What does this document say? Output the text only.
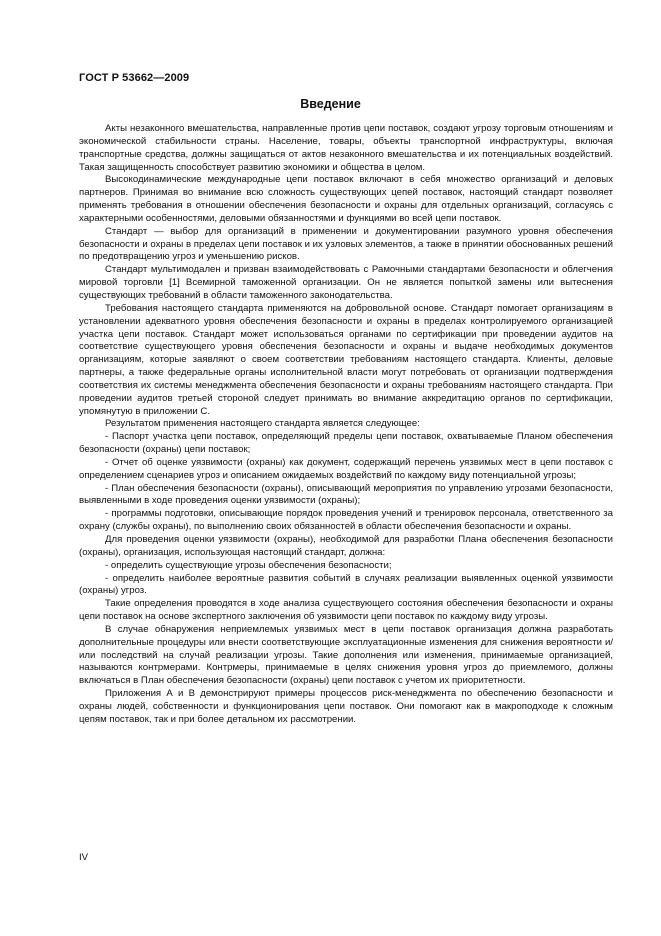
ГОСТ Р 53662—2009
Введение

Акты незаконного вмешательства, направленные против цепи поставок, создают угрозу торговым отношениям и экономической стабильности страны. Население, товары, объекты транспортной инфраструктуры, включая транспортные средства, должны защищаться от актов незаконного вмешательства и их потенциальных воздействий. Такая защищенность способствует развитию экономики и общества в целом.

Высокодинамические международные цепи поставок включают в себя множество организаций и деловых партнеров. Принимая во внимание всю сложность существующих цепей поставок, настоящий стандарт позволяет применять требования в отношении обеспечения безопасности и охраны для отдельных организаций, согласуясь с характерными особенностями, деловыми обязанностями и функциями во всей цепи поставок.

Стандарт — выбор для организаций в применении и документировании разумного уровня обеспечения безопасности и охраны в пределах цепи поставок и их узловых элементов, а также в принятии обоснованных решений по предотвращению угроз и уменьшению рисков.

Стандарт мультимодален и призван взаимодействовать с Рамочными стандартами безопасности и облегчения мировой торговли [1] Всемирной таможенной организации. Он не является попыткой замены или вытеснения существующих требований в области таможенного законодательства.

Требования настоящего стандарта применяются на добровольной основе. Стандарт помогает организациям в установлении адекватного уровня обеспечения безопасности и охраны в пределах контролируемого организацией участка цепи поставок. Стандарт может использоваться органами по сертификации при проведении аудитов на соответствие существующего уровня обеспечения безопасности и охраны и выдаче необходимых документов организациям, которые заявляют о своем соответствии требованиям настоящего стандарта. Клиенты, деловые партнеры, а также федеральные органы исполнительной власти могут потребовать от организации подтверждения соответствия их системы менеджмента обеспечения безопасности и охраны требованиям настоящего стандарта. При проведении аудитов третьей стороной следует принимать во внимание аккредитацию органов по сертификации, упомянутую в приложении С.

Результатом применения настоящего стандарта является следующее:

- Паспорт участка цепи поставок, определяющий пределы цепи поставок, охватываемые Планом обеспечения безопасности (охраны) цепи поставок;

- Отчет об оценке уязвимости (охраны) как документ, содержащий перечень уязвимых мест в цепи поставок с определением сценариев угроз и описанием ожидаемых воздействий по каждому виду потенциальной угрозы;

- План обеспечения безопасности (охраны), описывающий мероприятия по управлению угрозами безопасности, выявленными в ходе проведения оценки уязвимости (охраны);

- программы подготовки, описывающие порядок проведения учений и тренировок персонала, ответственного за охрану (службы охраны), по выполнению своих обязанностей в области обеспечения безопасности и охраны.

Для проведения оценки уязвимости (охраны), необходимой для разработки Плана обеспечения безопасности (охраны), организация, использующая настоящий стандарт, должна:

- определить существующие угрозы обеспечения безопасности;

- определить наиболее вероятные развития событий в случаях реализации выявленных оценкой уязвимости (охраны) угроз.

Такие определения проводятся в ходе анализа существующего состояния обеспечения безопасности и охраны цепи поставок на основе экспертного заключения об уязвимости цепи поставок по каждому виду угрозы.

В случае обнаружения неприемлемых уязвимых мест в цепи поставок организация должна разработать дополнительные процедуры или внести соответствующие эксплуатационные изменения для снижения вероятности и/или последствий на случай реализации угрозы. Такие дополнения или изменения, принимаемые организацией, называются контрмерами. Контрмеры, принимаемые в целях снижения уровня угроз до приемлемого, должны включаться в План обеспечения безопасности (охраны) цепи поставок с учетом их приоритетности.

Приложения А и В демонстрируют примеры процессов риск-менеджмента по обеспечению безопасности и охраны людей, собственности и функционирования цепи поставок. Они помогают как в макроподходе к сложным цепям поставок, так и при более детальном их рассмотрении.

IV
